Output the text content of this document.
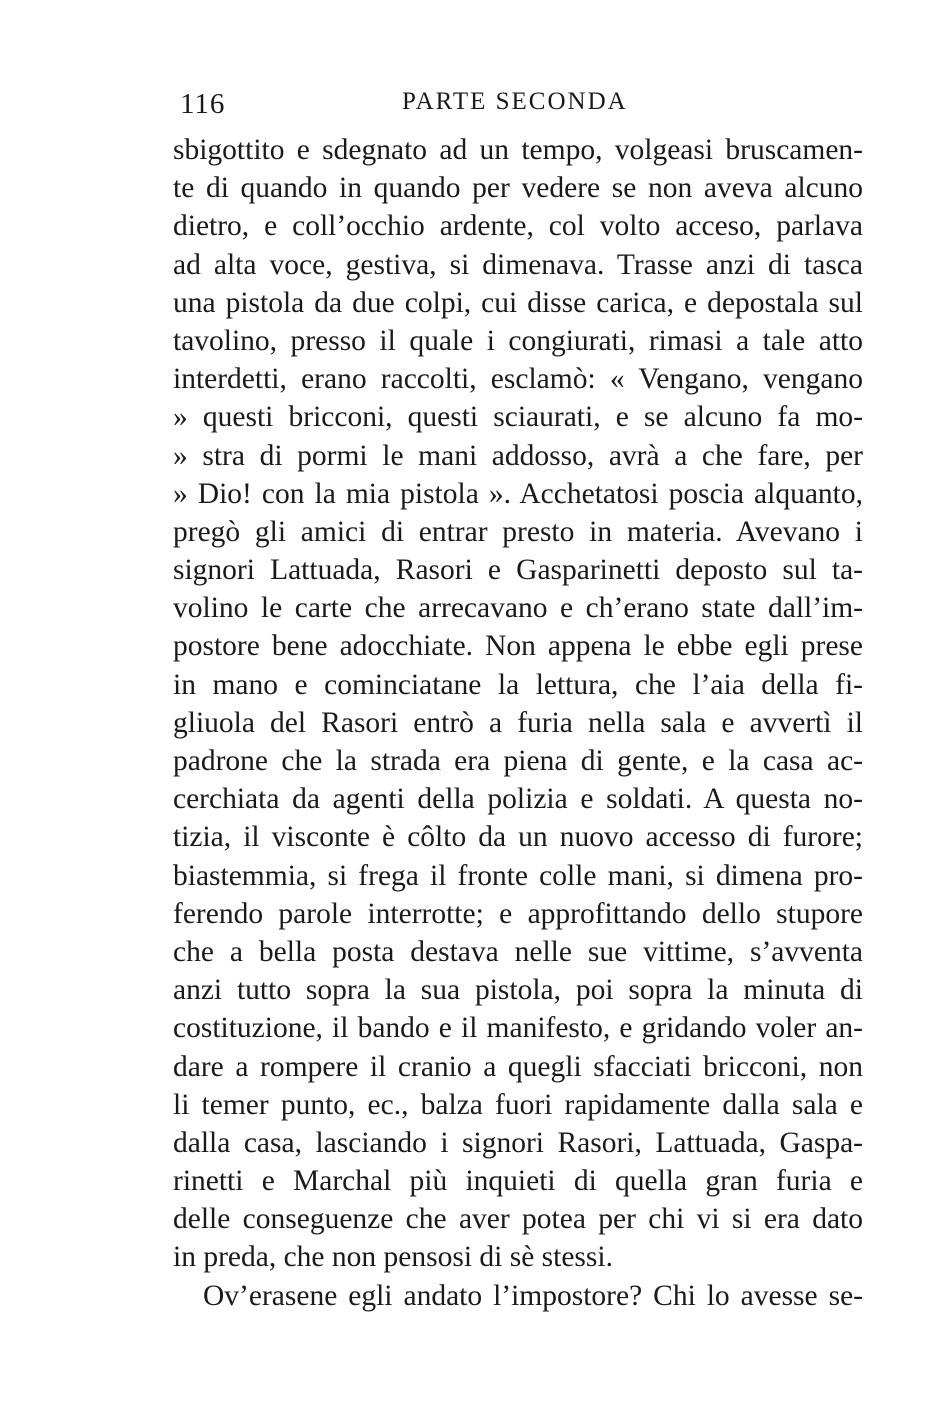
116	PARTE SECONDA
sbigottito e sdegnato ad un tempo, volgeasi bruscamen-
te di quando in quando per vedere se non aveva alcuno
dietro, e coll’occhio ardente, col volto acceso, parlava
ad alta voce, gestiva, si dimenava. Trasse anzi di tasca
una pistola da due colpi, cui disse carica, e depostala sul
tavolino, presso il quale i congiurati, rimasi a tale atto
interdetti, erano raccolti, esclamò: « Vengano, vengano
» questi bricconi, questi sciaurati, e se alcuno fa mo-
» stra di pormi le mani addosso, avrà a che fare, per
» Dio! con la mia pistola ». Acchetatosi poscia alquanto,
pregò gli amici di entrar presto in materia. Avevano i
signori Lattuada, Rasori e Gasparinetti deposto sul ta-
volino le carte che arrecavano e ch’erano state dall’im-
postore bene adocchiate. Non appena le ebbe egli prese
in mano e cominciatane la lettura, che l’aia della fi-
gliuola del Rasori entrò a furia nella sala e avvertì il
padrone che la strada era piena di gente, e la casa ac-
cerchiata da agenti della polizia e soldati. A questa no-
tizia, il visconte è côlto da un nuovo accesso di furore;
biastemmia, si frega il fronte colle mani, si dimena pro-
ferendo parole interrotte; e approfittando dello stupore
che a bella posta destava nelle sue vittime, s’avventa
anzi tutto sopra la sua pistola, poi sopra la minuta di
costituzione, il bando e il manifesto, e gridando voler an-
dare a rompere il cranio a quegli sfacciati bricconi, non
li temer punto, ec., balza fuori rapidamente dalla sala e
dalla casa, lasciando i signori Rasori, Lattuada, Gaspa-
rinetti e Marchal più inquieti di quella gran furia e
delle conseguenze che aver potea per chi vi si era dato
in preda, che non pensosi di sè stessi.
Ov’erasene egli andato l’impostore? Chi lo avesse se-
